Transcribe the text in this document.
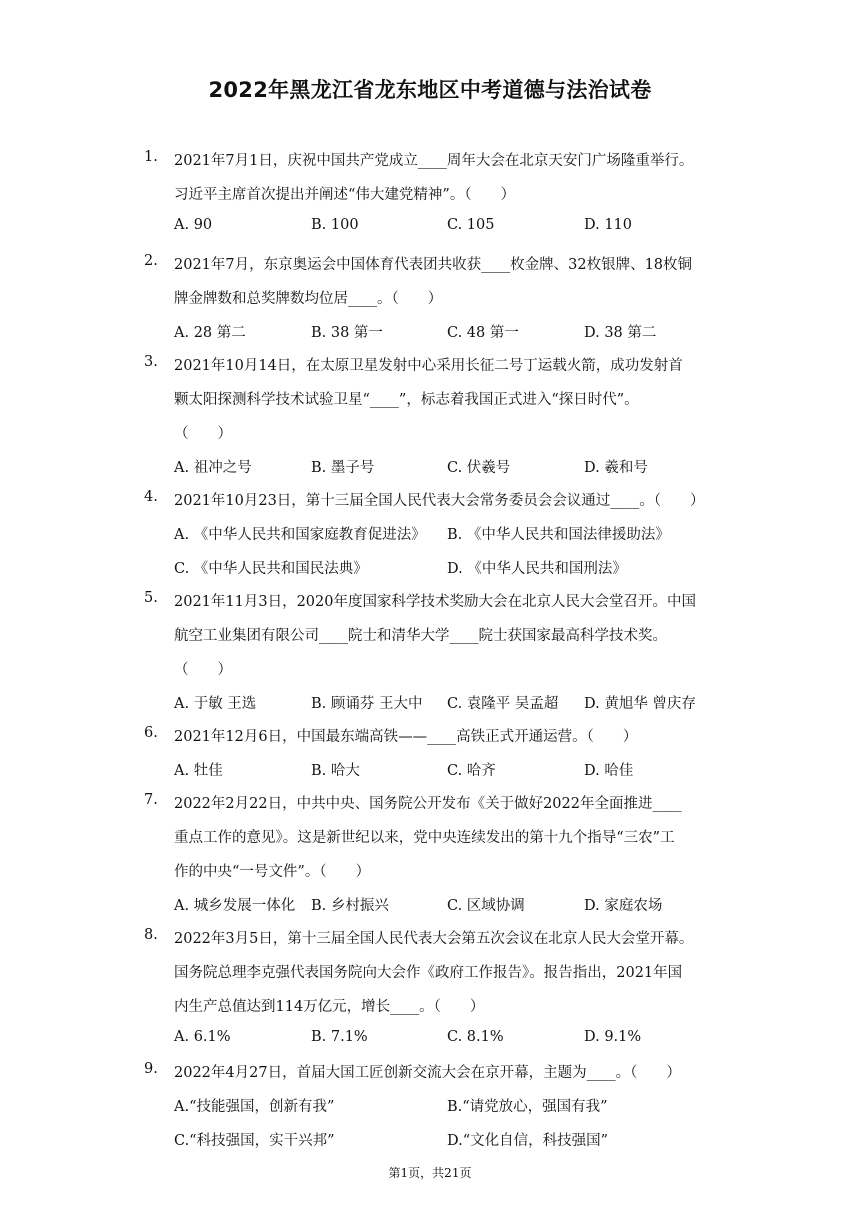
2022年黑龙江省龙东地区中考道德与法治试卷
1. 2021年7月1日，庆祝中国共产党成立____周年大会在北京天安门广场隆重举行。
习近平主席首次提出并阐述“伟大建党精神”。（　　）
A. 90	B. 100	C. 105	D. 110
2. 2021年7月，东京奥运会中国体育代表团共收获____枚金牌、32枚银牌、18枚铜
牌金牌数和总奖牌数均位居____。（　　）
A. 28 第二	B. 38 第一	C. 48 第一	D. 38 第二
3. 2021年10月14日，在太原卫星发射中心采用长征二号丁运载火箭，成功发射首
颗太阳探测科学技术试验卫星“____”，标志着我国正式进入“探日时代”。
（　　）
A. 祖冲之号	B. 墨子号	C. 伏羲号	D. 羲和号
4. 2021年10月23日，第十三届全国人民代表大会常务委员会会议通过____。（　　）
A. 《中华人民共和国家庭教育促进法》 B. 《中华人民共和国法律援助法》
C. 《中华人民共和国民法典》	D. 《中华人民共和国刑法》
5. 2021年11月3日，2020年度国家科学技术奖励大会在北京人民大会堂召开。中国
航空工业集团有限公司____院士和清华大学____院士获国家最高科学技术奖。
（　　）
A. 于敏 王选	B. 顾诵芬 王大中 C. 袁隆平 吴孟超 D. 黄旭华 曾庆存
6. 2021年12月6日，中国最东端高铁——____高铁正式开通运营。（　　）
A. 牡佳	B. 哈大	C. 哈齐	D. 哈佳
7. 2022年2月22日，中共中央、国务院公开发布《关于做好2022年全面推进____
重点工作的意见》。这是新世纪以来，党中央连续发出的第十九个指导“三农”工
作的中央“一号文件”。（　　）
A. 城乡发展一体化 B. 乡村振兴	C. 区域协调	D. 家庭农场
8. 2022年3月5日，第十三届全国人民代表大会第五次会议在北京人民大会堂开幕。
国务院总理李克强代表国务院向大会作《政府工作报告》。报告指出，2021年国
内生产总值达到114万亿元，增长____。（　　）
A. 6.1%	B. 7.1%	C. 8.1%	D. 9.1%
9. 2022年4月27日，首届大国工匠创新交流大会在京开幕，主题为____。（　　）
A.“技能强国，创新有我”	B.“请党放心，强国有我”
C.“科技强国，实干兴邦”	D.“文化自信，科技强国”
第1页，共21页
